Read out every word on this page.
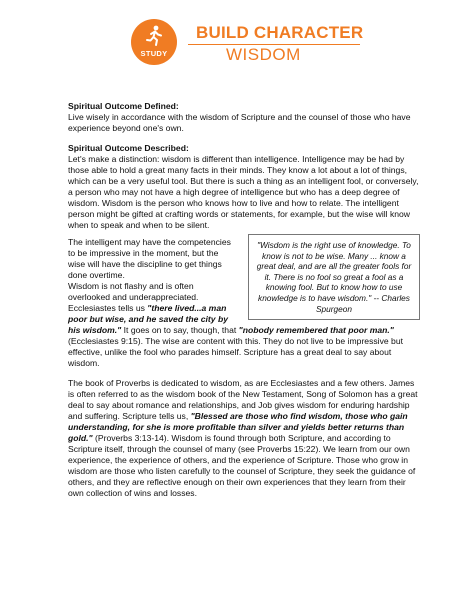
STUDY
BUILD CHARACTER
WISDOM

Spiritual Outcome Defined:

Live wisely in accordance with the wisdom of Scripture and the counsel of those who have experience beyond one's own.

Spiritual Outcome Described:

Let's make a distinction: wisdom is different than intelligence. Intelligence may be had by those able to hold a great many facts in their minds. They know a lot about a lot of things, which can be a very useful tool. But there is such a thing as an intelligent fool, or conversely, a person who may not have a high degree of intelligence but who has a deep degree of wisdom. Wisdom is the person who knows how to live and how to relate. The intelligent person might be gifted at crafting words or statements, for example, but the wise will know when to speak and when to be silent.

"Wisdom is the right use of knowledge. To know is not to be wise. Many ... know a great deal, and are all the greater fools for it. There is no fool so great a fool as a knowing fool. But to know how to use knowledge is to have wisdom." -- Charles Spurgeon

The intelligent may have the competencies to be impressive in the moment, but the wise will have the discipline to get things done overtime.

Wisdom is not flashy and is often overlooked and underappreciated. Ecclesiastes tells us "there lived...a man poor but wise, and he saved the city by his wisdom." It goes on to say, though, that "nobody remembered that poor man." (Ecclesiastes 9:15). The wise are content with this. They do not live to be impressive but effective, unlike the fool who parades himself. Scripture has a great deal to say about wisdom.

The book of Proverbs is dedicated to wisdom, as are Ecclesiastes and a few others. James is often referred to as the wisdom book of the New Testament, Song of Solomon has a great deal to say about romance and relationships, and Job gives wisdom for enduring hardship and suffering. Scripture tells us, "Blessed are those who find wisdom, those who gain understanding, for she is more profitable than silver and yields better returns than gold." (Proverbs 3:13-14). Wisdom is found through both Scripture, and according to Scripture itself, through the counsel of many (see Proverbs 15:22). We learn from our own experience, the experience of others, and the experience of Scripture. Those who grow in wisdom are those who listen carefully to the counsel of Scripture, they seek the guidance of others, and they are reflective enough on their own experiences that they learn from their own collection of wins and losses.
